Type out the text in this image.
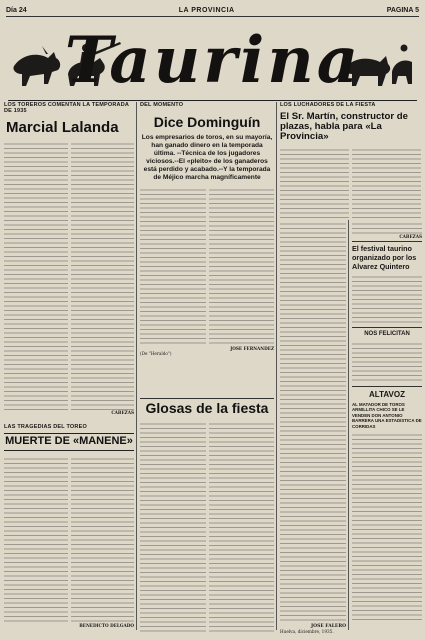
Día 24	LA PROVINCIA	PAGINA 5
Taurina
LOS TOREROS COMENTAN LA TEMPORADA DE 1935
Marcial Lalanda
CABEZAS
LAS TRAGEDIAS DEL TOREO
MUERTE DE «MANENE»
BENEDICTO DELGADO
DEL MOMENTO
Dice Dominguín
Los empresarios de toros, en su mayoría, han ganado dinero en la temporada última. --Técnica de los jugadores viciosos.--El «pleito» de los ganaderos está perdido y acabado.--Y la temporada de Méjico marcha magníficamente
JOSE FERNANDEZ
(De "Heraldo")
Glosas de la fiesta
LOS LUCHADORES DE LA FIESTA
El Sr. Martín, constructor de plazas, habla para «La Provincia»
JOSE FALERO
Huelva, diciembre, 1935.
CABEZAS
El festival taurino organizado por los Alvarez Quintero
NOS FELICITAN
ALTAVOZ
AL MATADOR DE TOROS ARMILLITA CHICO SE LE VENDEN DON ANTONIO BARRERA UNA ESTADISTICA DE CORRIDAS
